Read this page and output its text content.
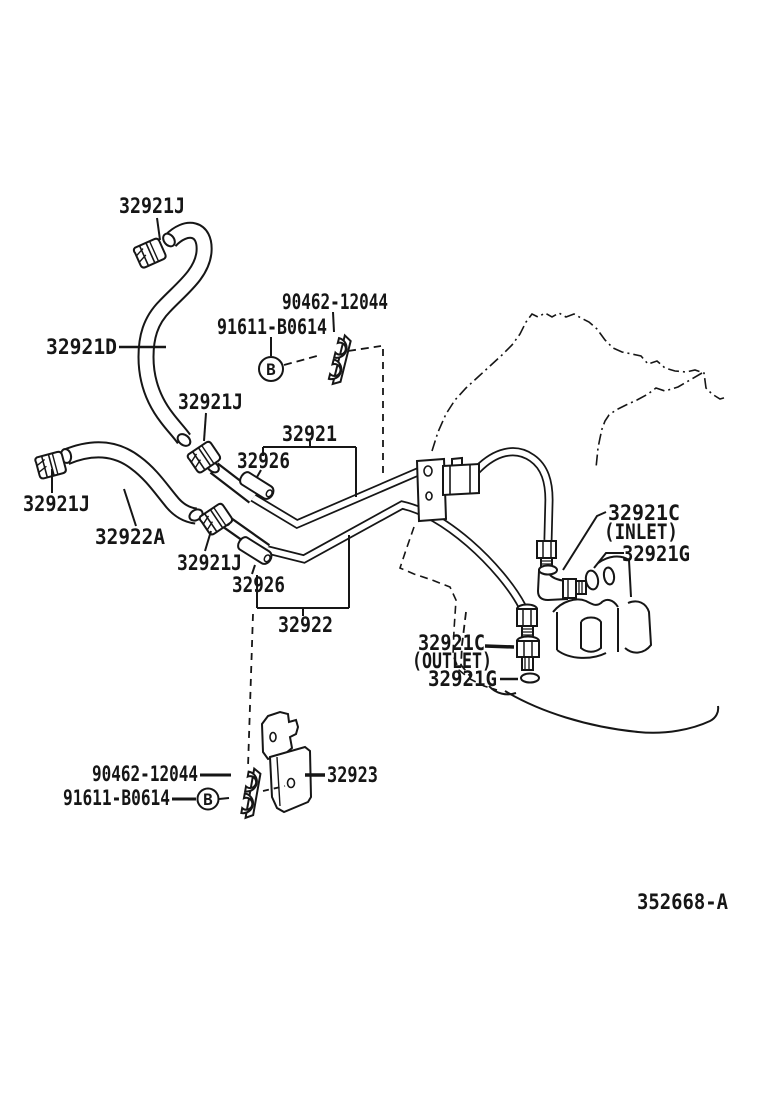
32921J
90462-12044
91611-B0614
32921D
32921J
32921
32926
32921J
32922A
32921J
32926
32922
32921C
(INLET)
32921G
32921C
(OUTLET)
32921G
90462-12044
91611-B0614
32923
352668-A
B
B
